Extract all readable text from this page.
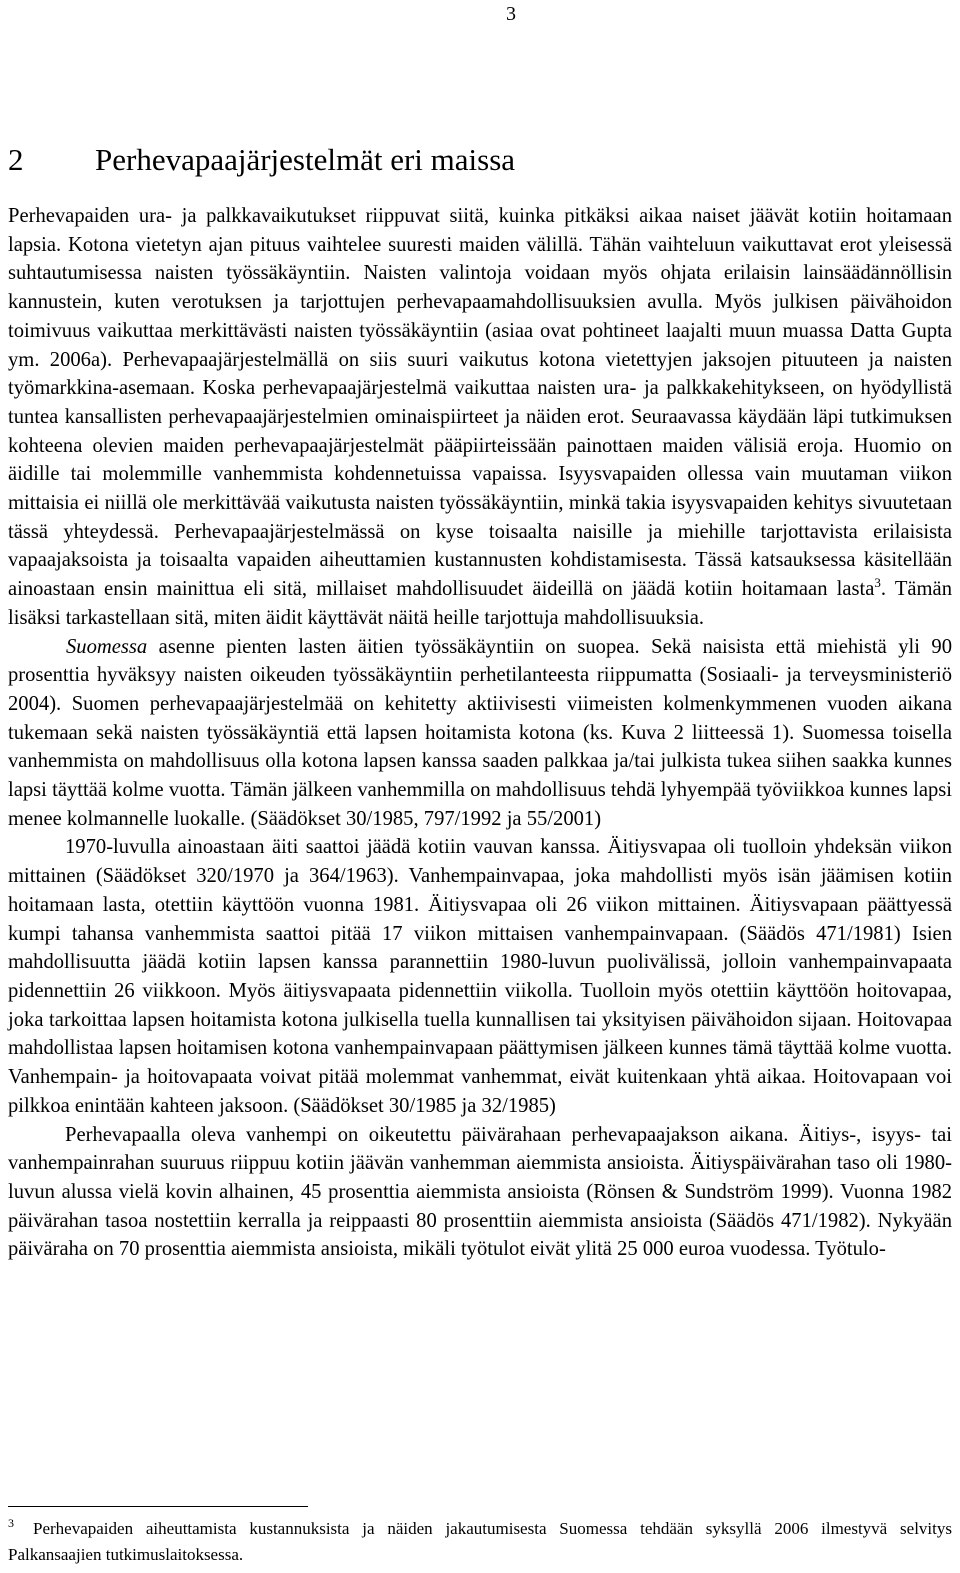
3
2 Perhevapaajärjestelmät eri maissa

Perhevapaiden ura- ja palkkavaikutukset riippuvat siitä, kuinka pitkäksi aikaa naiset jäävät kotiin hoitamaan lapsia. Kotona vietetyn ajan pituus vaihtelee suuresti maiden välillä. Tähän vaihteluun vaikuttavat erot yleisessä suhtautumisessa naisten työssäkäyntiin. Naisten valintoja voidaan myös ohjata erilaisin lainsäädännöllisin kannustein, kuten verotuksen ja tarjottujen perhevapaamahdollisuuksien avulla. Myös julkisen päivähoidon toimivuus vaikuttaa merkittävästi naisten työssäkäyntiin (asiaa ovat pohtineet laajalti muun muassa Datta Gupta ym. 2006a). Perhevapaajärjestelmällä on siis suuri vaikutus kotona vietettyjen jaksojen pituuteen ja naisten työmarkkina-asemaan. Koska perhevapaajärjestelmä vaikuttaa naisten ura- ja palkkakehitykseen, on hyödyllistä tuntea kansallisten perhevapaajärjestelmien ominaispiirteet ja näiden erot. Seuraavassa käydään läpi tutkimuksen kohteena olevien maiden perhevapaajärjestelmät pääpiirteissään painottaen maiden välisiä eroja. Huomio on äidille tai molemmille vanhemmista kohdennetuissa vapaissa. Isyysvapaiden ollessa vain muutaman viikon mittaisia ei niillä ole merkittävää vaikutusta naisten työssäkäyntiin, minkä takia isyysvapaiden kehitys sivuutetaan tässä yhteydessä. Perhevapaajärjestelmässä on kyse toisaalta naisille ja miehille tarjottavista erilaisista vapaajaksoista ja toisaalta vapaiden aiheuttamien kustannusten kohdistamisesta. Tässä katsauksessa käsitellään ainoastaan ensin mainittua eli sitä, millaiset mahdollisuudet äideillä on jäädä kotiin hoitamaan lasta$^3$. Tämän lisäksi tarkastellaan sitä, miten äidit käyttävät näitä heille tarjottuja mahdollisuuksia.

Suomessa asenne pienten lasten äitien työssäkäyntiin on suopea. Sekä naisista että miehistä yli 90 prosenttia hyväksyy naisten oikeuden työssäkäyntiin perhetilanteesta riippumatta (Sosiaali- ja terveysministeriö 2004). Suomen perhevapaajärjestelmää on kehitetty aktiivisesti viimeisten kolmenkymmenen vuoden aikana tukemaan sekä naisten työssäkäyntiä että lapsen hoitamista kotona (ks. Kuva 2 liitteessä 1). Suomessa toisella vanhemmista on mahdollisuus olla kotona lapsen kanssa saaden palkkaa ja/tai julkista tukea siihen saakka kunnes lapsi täyttää kolme vuotta. Tämän jälkeen vanhemmilla on mahdollisuus tehdä lyhyempää työviikkoa kunnes lapsi menee kolmannelle luokalle. (Säädökset 30/1985, 797/1992 ja 55/2001)

1970-luvulla ainoastaan äiti saattoi jäädä kotiin vauvan kanssa. Äitiysvapaa oli tuolloin yhdeksän viikon mittainen (Säädökset 320/1970 ja 364/1963). Vanhempainvapaa, joka mahdollisti myös isän jäämisen kotiin hoitamaan lasta, otettiin käyttöön vuonna 1981. Äitiysvapaa oli 26 viikon mittainen. Äitiysvapaan päättyessä kumpi tahansa vanhemmista saattoi pitää 17 viikon mittaisen vanhempainvapaan. (Säädös 471/1981) Isien mahdollisuutta jäädä kotiin lapsen kanssa parannettiin 1980-luvun puolivälissä, jolloin vanhempainvapaata pidennettiin 26 viikkoon. Myös äitiysvapaata pidennettiin viikolla. Tuolloin myös otettiin käyttöön hoitovapaa, joka tarkoittaa lapsen hoitamista kotona julkisella tuella kunnallisen tai yksityisen päivähoidon sijaan. Hoitovapaa mahdollistaa lapsen hoitamisen kotona vanhempainvapaan päättymisen jälkeen kunnes tämä täyttää kolme vuotta. Vanhempain- ja hoitovapaata voivat pitää molemmat vanhemmat, eivät kuitenkaan yhtä aikaa. Hoitovapaan voi pilkkoa enintään kahteen jaksoon. (Säädökset 30/1985 ja 32/1985)

Perhevapaalla oleva vanhempi on oikeutettu päivärahaan perhevapaajakson aikana. Äitiys-, isyys- tai vanhempainrahan suuruus riippuu kotiin jäävän vanhemman aiemmista ansioista. Äitiyspäivärahan taso oli 1980-luvun alussa vielä kovin alhainen, 45 prosenttia aiemmista ansioista (Rönsen & Sundström 1999). Vuonna 1982 päivärahan tasoa nostettiin kerralla ja reippaasti 80 prosenttiin aiemmista ansioista (Säädös 471/1982). Nykyään päiväraha on 70 prosenttia aiemmista ansioista, mikäli työtulot eivät ylitä 25 000 euroa vuodessa. Työtulo-

3 Perhevapaiden aiheuttamista kustannuksista ja näiden jakautumisesta Suomessa tehdään syksyllä 2006 ilmestyvä selvitys Palkansaajien tutkimuslaitoksessa.
